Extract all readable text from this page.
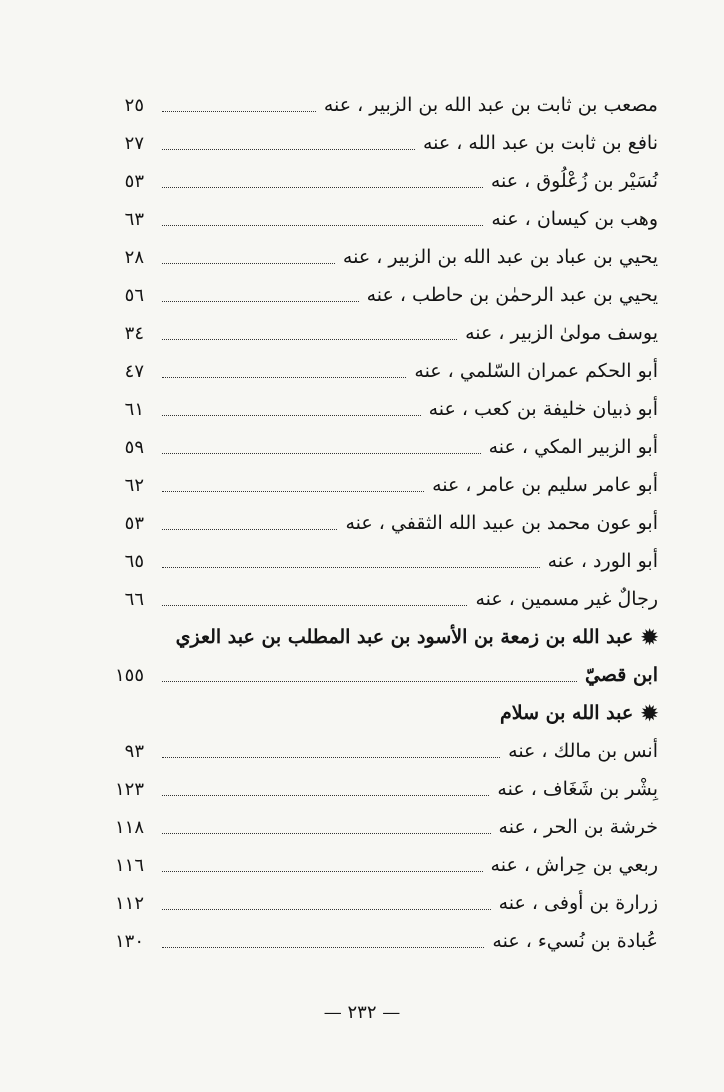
مصعب بن ثابت بن عبد الله بن الزبير ، عنه
٢٥
نافع بن ثابت بن عبد الله ، عنه
٢٧
نُسَيْر بن زُعْلُوق ، عنه
٥٣
وهب بن كيسان ، عنه
٦٣
يحيي بن عباد بن عبد الله بن الزبير ، عنه
٢٨
يحيي بن عبد الرحمٰن بن حاطب ، عنه
٥٦
يوسف مولىٰ الزبير ، عنه
٣٤
أبو الحكم عمران السّلمي ، عنه
٤٧
أبو ذبيان خليفة بن كعب ، عنه
٦١
أبو الزبير المكي ، عنه
٥٩
أبو عامر سليم بن عامر ، عنه
٦٢
أبو عون محمد بن عبيد الله الثقفي ، عنه
٥٣
أبو الورد ، عنه
٦٥
رجالٌ غير مسمين ، عنه
٦٦
✹
عبد الله بن زمعة بن الأسود بن عبد المطلب بن عبد العزي
ابن قصيّ
١٥٥
✹
عبد الله بن سلام
أنس بن مالك ، عنه
٩٣
بِشْر بن شَغَاف ، عنه
١٢٣
خرشة بن الحر ، عنه
١١٨
ربعي بن حِراش ، عنه
١١٦
زرارة بن أوفى ، عنه
١١٢
عُبادة بن نُسيء ، عنه
١٣٠
— ٢٣٢ —
